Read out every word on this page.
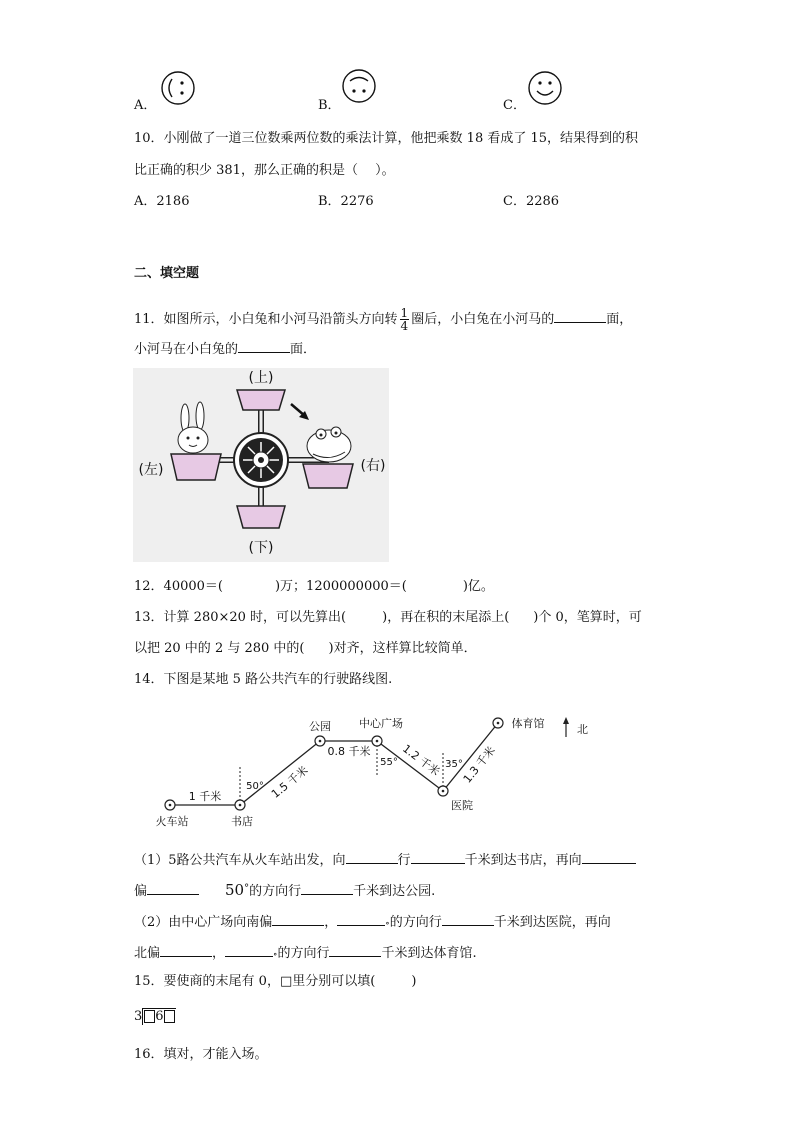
A．	B．	C．
10．小刚做了一道三位数乘两位数的乘法计算，他把乘数 18 看成了 15，结果得到的积
比正确的积少 381，那么正确的积是（　 ）。
A．2186	B．2276	C．2286
二、填空题
11．如图所示，小白兔和小河马沿箭头方向转 $\frac{1}{4}$ 圈后，小白兔在小河马的	面，
小河马在小白兔的	面．
(上)
(下)
(左)	(右)
12．40000＝(	)万；1200000000＝(	)亿。
13．计算 280×20 时，可以先算出(	)，再在积的末尾添上( )个 0，笔算时，可
以把 20 中的 2 与 280 中的( )对齐，这样算比较简单．
14．下图是某地 5 路公共汽车的行驶路线图.
火车站	书店
公园	中心广场
医院
体育馆	北
1 千米	1.5 千米
0.8 千米	1.2 千米 1.3 千米
50°
55°	35°
（1）5路公共汽车从火车站出发，向	行	千米到达书店，再向
偏	50°的方向行	千米到达公园.
（2）由中心广场向南偏	，	∘的方向行	千米到达医院，再向
北偏	，	∘的方向行	千米到达体育馆.
15．要使商的末尾有 0，□里分别可以填(	)
3 6
16．填对，才能入场。
